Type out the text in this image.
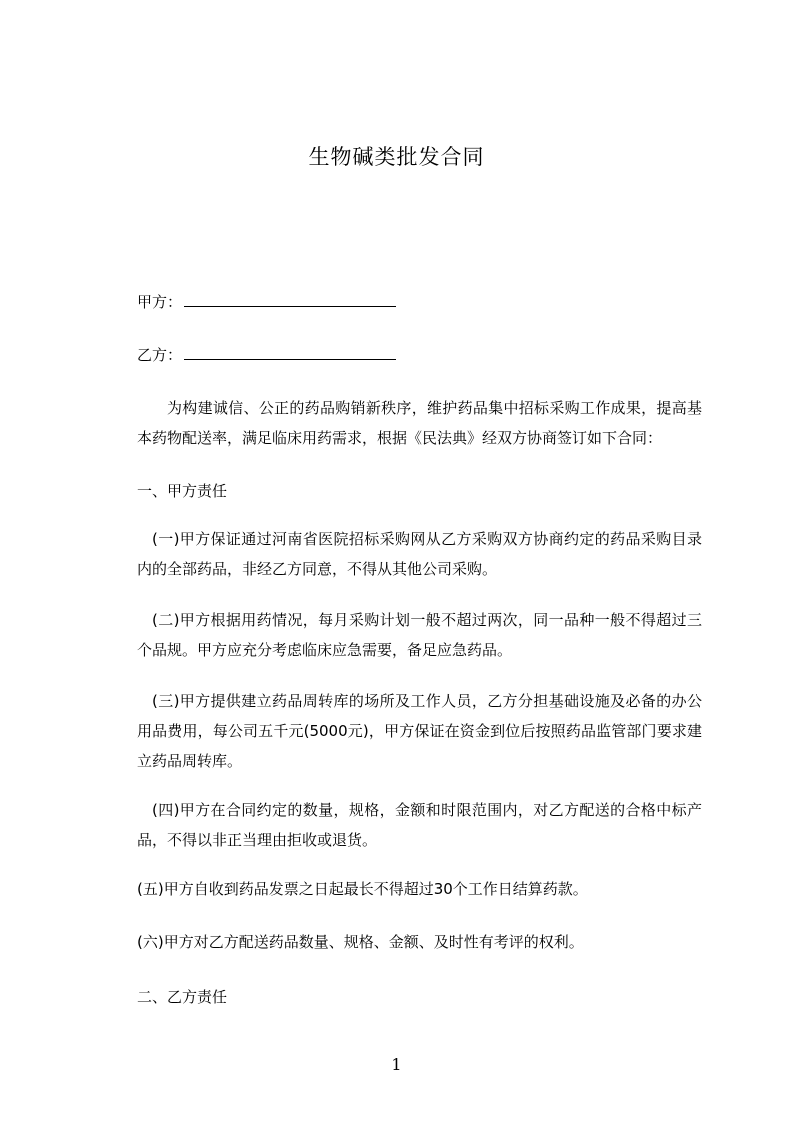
生物碱类批发合同
甲方：
乙方：

为构建诚信、公正的药品购销新秩序，维护药品集中招标采购工作成果，提高基本药物配送率，满足临床用药需求，根据《民法典》经双方协商签订如下合同：

一、甲方责任

(一)甲方保证通过河南省医院招标采购网从乙方采购双方协商约定的药品采购目录内的全部药品，非经乙方同意，不得从其他公司采购。

(二)甲方根据用药情况，每月采购计划一般不超过两次，同一品种一般不得超过三个品规。甲方应充分考虑临床应急需要，备足应急药品。

(三)甲方提供建立药品周转库的场所及工作人员，乙方分担基础设施及必备的办公用品费用，每公司五千元(5000元)，甲方保证在资金到位后按照药品监管部门要求建立药品周转库。

(四)甲方在合同约定的数量，规格，金额和时限范围内，对乙方配送的合格中标产品，不得以非正当理由拒收或退货。

(五)甲方自收到药品发票之日起最长不得超过30个工作日结算药款。

(六)甲方对乙方配送药品数量、规格、金额、及时性有考评的权利。

二、乙方责任
1
